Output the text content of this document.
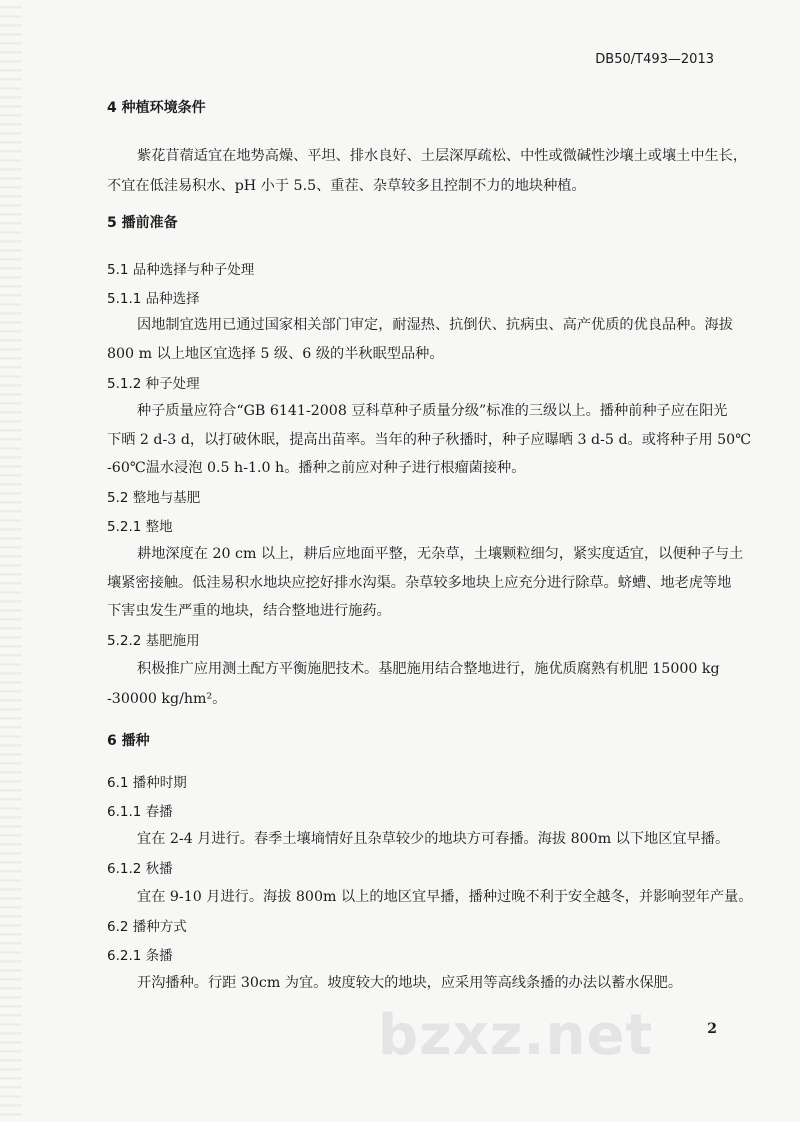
DB50/T493—2013
4 种植环境条件
紫花苜蓿适宜在地势高燥、平坦、排水良好、土层深厚疏松、中性或微碱性沙壤土或壤土中生长，
不宜在低洼易积水、pH 小于 5.5、重茬、杂草较多且控制不力的地块种植。
5 播前准备
5.1 品种选择与种子处理
5.1.1 品种选择
因地制宜选用已通过国家相关部门审定，耐湿热、抗倒伏、抗病虫、高产优质的优良品种。海拔
800 m 以上地区宜选择 5 级、6 级的半秋眠型品种。
5.1.2 种子处理
种子质量应符合“GB 6141-2008 豆科草种子质量分级”标准的三级以上。播种前种子应在阳光
下晒 2 d-3 d，以打破休眠，提高出苗率。当年的种子秋播时，种子应曝晒 3 d-5 d。或将种子用 50℃
-60℃温水浸泡 0.5 h-1.0 h。播种之前应对种子进行根瘤菌接种。
5.2 整地与基肥
5.2.1 整地
耕地深度在 20 cm 以上，耕后应地面平整，无杂草，土壤颗粒细匀，紧实度适宜，以便种子与土
壤紧密接触。低洼易积水地块应挖好排水沟渠。杂草较多地块上应充分进行除草。蛴螬、地老虎等地
下害虫发生严重的地块，结合整地进行施药。
5.2.2 基肥施用
积极推广应用测土配方平衡施肥技术。基肥施用结合整地进行，施优质腐熟有机肥 15000 kg
-30000 kg/hm²。
6 播种
6.1 播种时期
6.1.1 春播
宜在 2-4 月进行。春季土壤墒情好且杂草较少的地块方可春播。海拔 800m 以下地区宜早播。
6.1.2 秋播
宜在 9-10 月进行。海拔 800m 以上的地区宜早播，播种过晚不利于安全越冬，并影响翌年产量。
6.2 播种方式
6.2.1 条播
开沟播种。行距 30cm 为宜。坡度较大的地块，应采用等高线条播的办法以蓄水保肥。
bzxz.net	2
